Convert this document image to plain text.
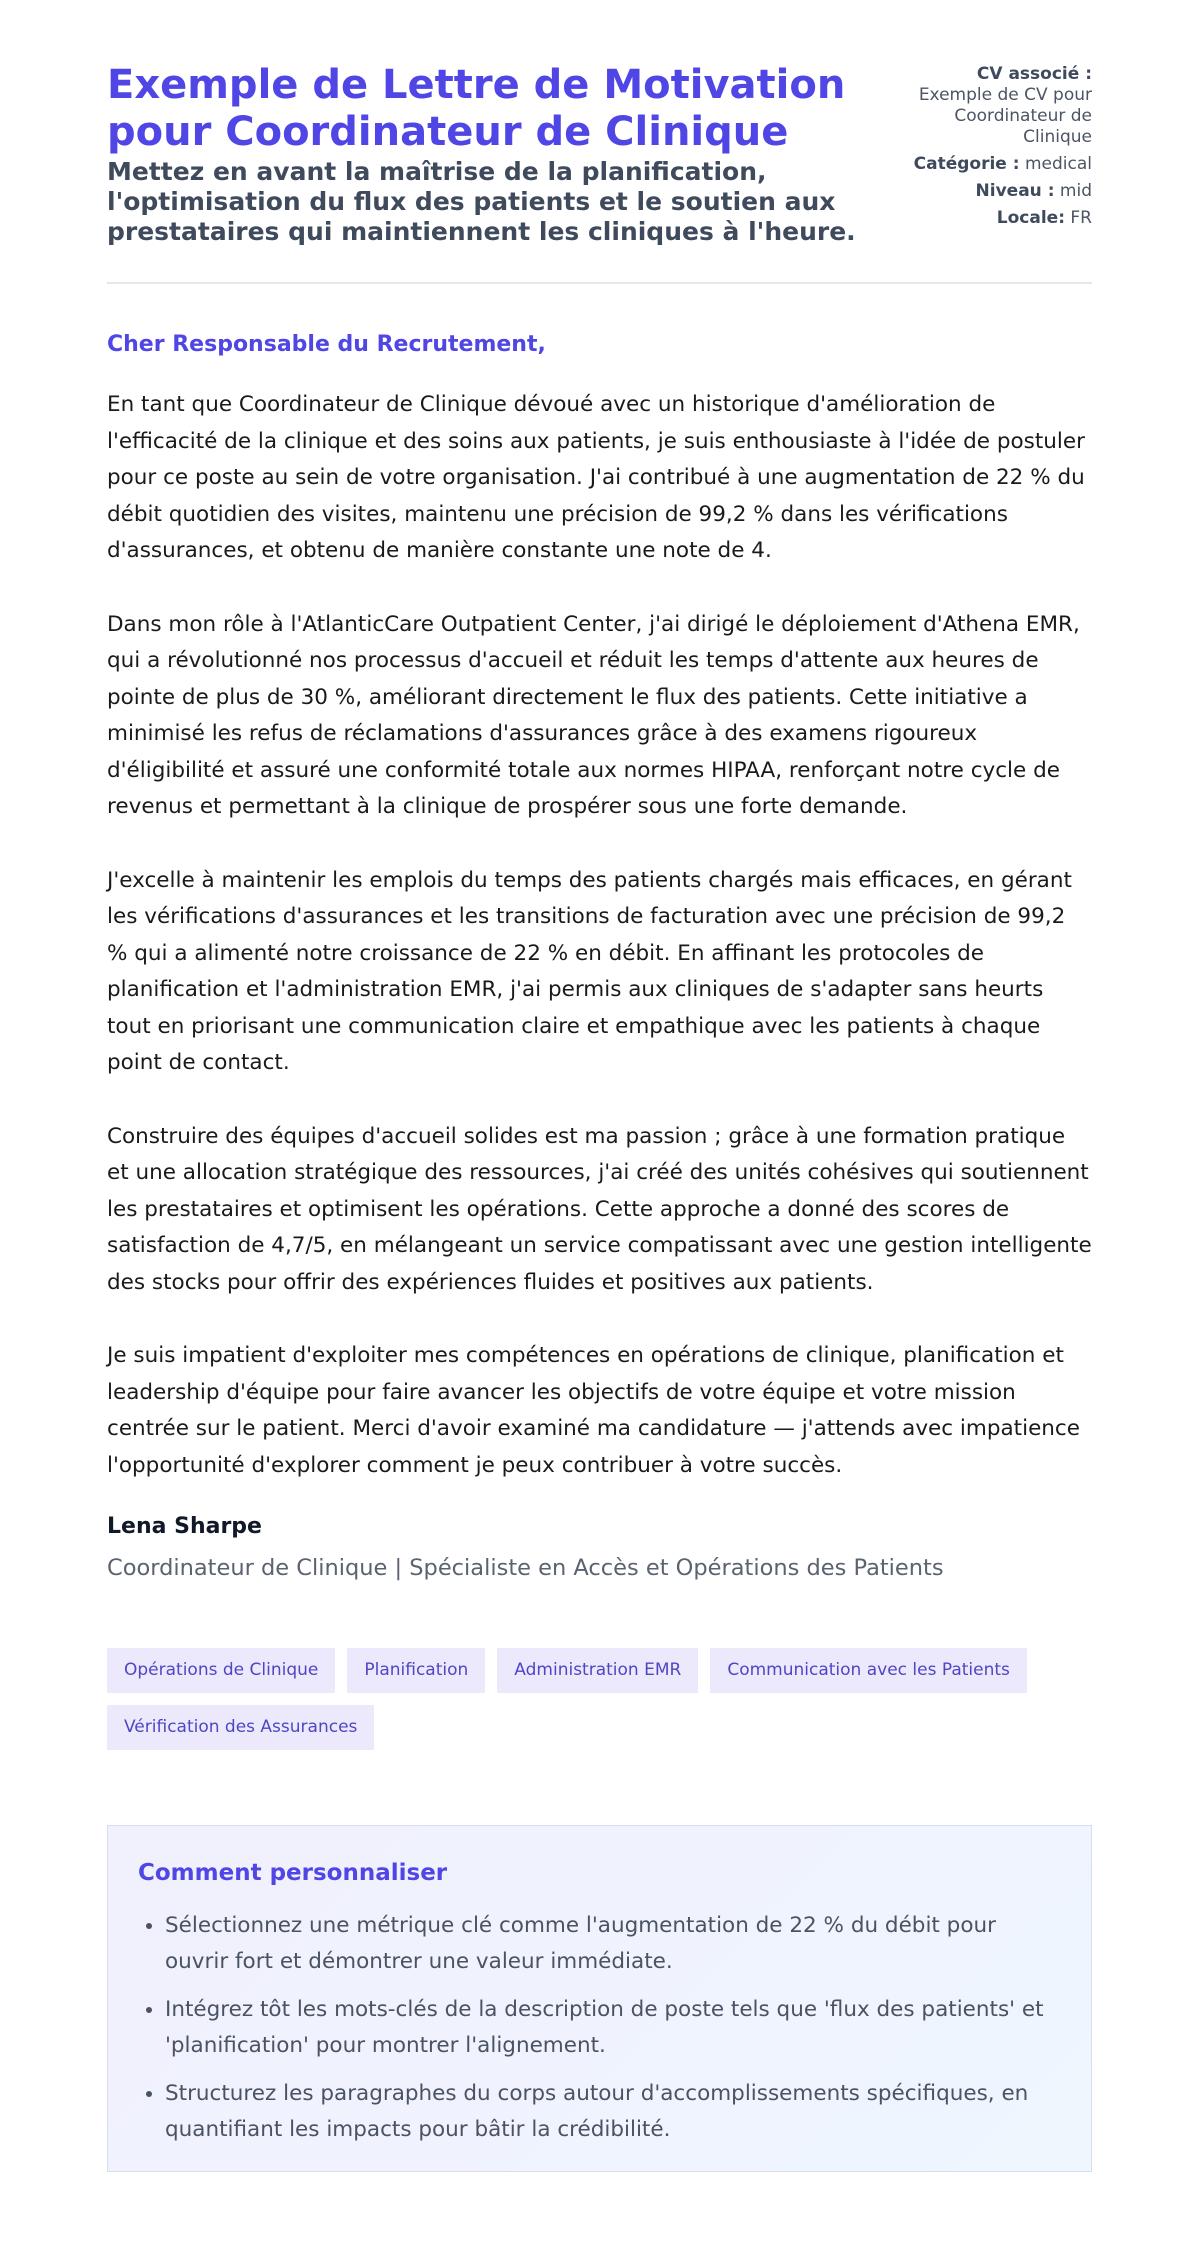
Exemple de Lettre de Motivation pour Coordinateur de Clinique
Mettez en avant la maîtrise de la planification, l'optimisation du flux des patients et le soutien aux prestataires qui maintiennent les cliniques à l'heure.
CV associé :
Exemple de CV pour Coordinateur de Clinique
Catégorie : medical
Niveau : mid
Locale: FR
Cher Responsable du Recrutement,

En tant que Coordinateur de Clinique dévoué avec un historique d'amélioration de l'efficacité de la clinique et des soins aux patients, je suis enthousiaste à l'idée de postuler pour ce poste au sein de votre organisation. J'ai contribué à une augmentation de 22 % du débit quotidien des visites, maintenu une précision de 99,2 % dans les vérifications d'assurances, et obtenu de manière constante une note de 4.

Dans mon rôle à l'AtlanticCare Outpatient Center, j'ai dirigé le déploiement d'Athena EMR, qui a révolutionné nos processus d'accueil et réduit les temps d'attente aux heures de pointe de plus de 30 %, améliorant directement le flux des patients. Cette initiative a minimisé les refus de réclamations d'assurances grâce à des examens rigoureux d'éligibilité et assuré une conformité totale aux normes HIPAA, renforçant notre cycle de revenus et permettant à la clinique de prospérer sous une forte demande.

J'excelle à maintenir les emplois du temps des patients chargés mais efficaces, en gérant les vérifications d'assurances et les transitions de facturation avec une précision de 99,2 % qui a alimenté notre croissance de 22 % en débit. En affinant les protocoles de planification et l'administration EMR, j'ai permis aux cliniques de s'adapter sans heurts tout en priorisant une communication claire et empathique avec les patients à chaque point de contact.

Construire des équipes d'accueil solides est ma passion ; grâce à une formation pratique et une allocation stratégique des ressources, j'ai créé des unités cohésives qui soutiennent les prestataires et optimisent les opérations. Cette approche a donné des scores de satisfaction de 4,7/5, en mélangeant un service compatissant avec une gestion intelligente des stocks pour offrir des expériences fluides et positives aux patients.

Je suis impatient d'exploiter mes compétences en opérations de clinique, planification et leadership d'équipe pour faire avancer les objectifs de votre équipe et votre mission centrée sur le patient. Merci d'avoir examiné ma candidature — j'attends avec impatience l'opportunité d'explorer comment je peux contribuer à votre succès.

Lena Sharpe
Coordinateur de Clinique | Spécialiste en Accès et Opérations des Patients
Opérations de Clinique	Planification	Administration EMR	Communication avec les Patients
Vérification des Assurances
Comment personnaliser
• Sélectionnez une métrique clé comme l'augmentation de 22 % du débit pour ouvrir fort et démontrer une valeur immédiate.
• Intégrez tôt les mots-clés de la description de poste tels que 'flux des patients' et 'planification' pour montrer l'alignement.
• Structurez les paragraphes du corps autour d'accomplissements spécifiques, en quantifiant les impacts pour bâtir la crédibilité.
